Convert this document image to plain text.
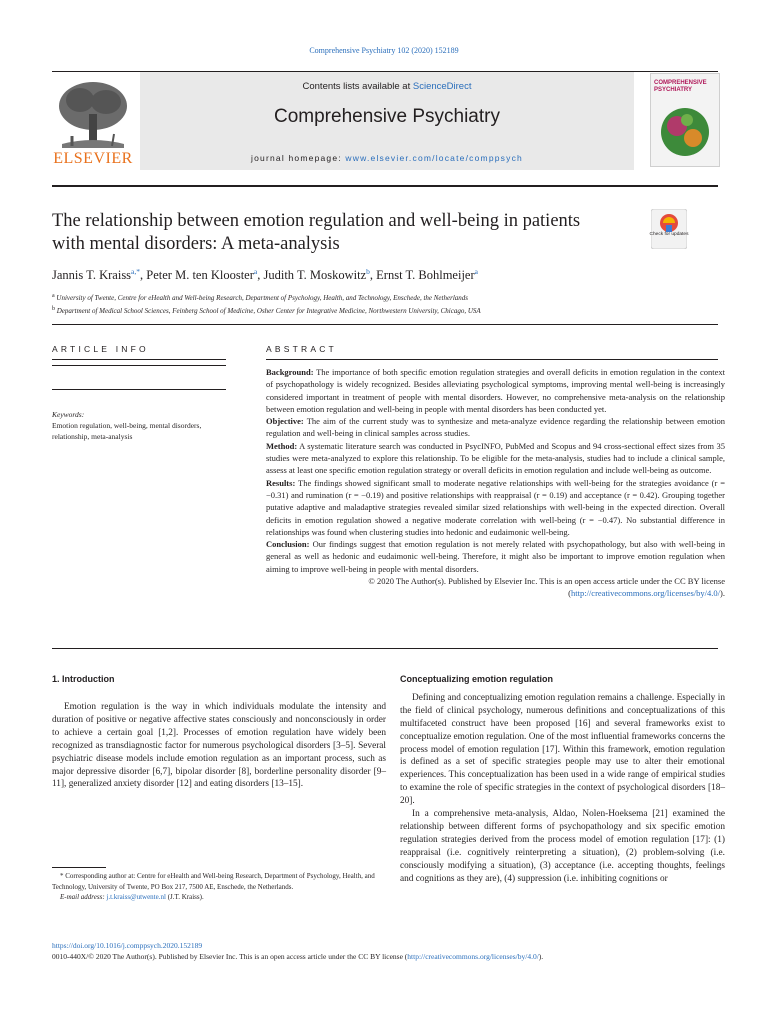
Comprehensive Psychiatry 102 (2020) 152189
ELSEVIER
Contents lists available at ScienceDirect
Comprehensive Psychiatry
journal homepage: www.elsevier.com/locate/comppsych
COMPREHENSIVE PSYCHIATRY
The relationship between emotion regulation and well-being in patients with mental disorders: A meta-analysis	Check for updates
Jannis T. Kraiss$^{a,*}$, Peter M. ten Klooster$^a$, Judith T. Moskowitz$^b$, Ernst T. Bohlmeijer$^a$
$^a$ University of Twente, Centre for eHealth and Well-being Research, Department of Psychology, Health, and Technology, Enschede, the Netherlands
$^b$ Department of Medical School Sciences, Feinberg School of Medicine, Osher Center for Integrative Medicine, Northwestern University, Chicago, USA
ARTICLE INFO
Keywords:
Emotion regulation, well-being, mental disorders, relationship, meta-analysis
ABSTRACT

Background: The importance of both specific emotion regulation strategies and overall deficits in emotion regulation in the context of psychopathology is widely recognized. Besides alleviating psychological symptoms, improving mental well-being is increasingly considered important in treatment of people with mental disorders. However, no comprehensive meta-analysis on the relationship between emotion regulation and well-being in people with mental disorders has been conducted yet.

Objective: The aim of the current study was to synthesize and meta-analyze evidence regarding the relationship between emotion regulation and well-being in clinical samples across studies.

Method: A systematic literature search was conducted in PsycINFO, PubMed and Scopus and 94 cross-sectional effect sizes from 35 studies were meta-analyzed to explore this relationship. To be eligible for the meta-analysis, studies had to include a clinical sample, assess at least one specific emotion regulation strategy or overall deficits in emotion regulation and include well-being as outcome.

Results: The findings showed significant small to moderate negative relationships with well-being for the strategies avoidance (r = −0.31) and rumination (r = −0.19) and positive relationships with reappraisal (r = 0.19) and acceptance (r = 0.42). Grouping together putative adaptive and maladaptive strategies revealed similar sized relationships with well-being in the expected direction. Overall deficits in emotion regulation showed a negative moderate correlation with well-being (r = −0.47). No substantial difference in relationships was found when clustering studies into hedonic and eudaimonic well-being.

Conclusion: Our findings suggest that emotion regulation is not merely related with psychopathology, but also with well-being in general as well as hedonic and eudaimonic well-being. Therefore, it might also be important to improve emotion regulation when aiming to improve well-being in people with mental disorders.

© 2020 The Author(s). Published by Elsevier Inc. This is an open access article under the CC BY license (http://creativecommons.org/licenses/by/4.0/).

1. Introduction
Emotion regulation is the way in which individuals modulate the intensity and duration of positive or negative affective states consciously and nonconsciously in order to achieve a certain goal [1,2]. Processes of emotion regulation have widely been recognized as transdiagnostic factor for numerous psychological disorders [3–5]. Several psychiatric disease models include emotion regulation as an important process, such as major depressive disorder [6,7], bipolar disorder [8], borderline personality disorder [9–11], generalized anxiety disorder [12] and eating disorders [13–15].

* Corresponding author at: Centre for eHealth and Well-being Research, Department of Psychology, Health, and Technology, University of Twente, PO Box 217, 7500 AE, Enschede, the Netherlands.

E-mail address: j.t.kraiss@utwente.nl (J.T. Kraiss).

Conceptualizing emotion regulation

Defining and conceptualizing emotion regulation remains a challenge. Especially in the field of clinical psychology, numerous definitions and conceptualizations of this multifaceted construct have been proposed [16] and several frameworks exist to conceptualize emotion regulation. One of the most influential frameworks concerns the process model of emotion regulation [17]. Within this framework, emotion regulation is defined as a set of specific strategies people may use to alter their emotional experiences. This conceptualization has been used in a wide range of empirical studies to examine the role of specific strategies in the context of psychological disorders [18–20].

In a comprehensive meta-analysis, Aldao, Nolen-Hoeksema [21] examined the relationship between different forms of psychopathology and six specific emotion regulation strategies derived from the process model of emotion regulation [17]: (1) reappraisal (i.e. cognitively reinterpreting a situation), (2) problem-solving (i.e. consciously modifying a situation), (3) acceptance (i.e. accepting thoughts, feelings and cognitions as they are), (4) suppression (i.e. inhibiting cognitions or

https://doi.org/10.1016/j.comppsych.2020.152189
0010-440X/© 2020 The Author(s). Published by Elsevier Inc. This is an open access article under the CC BY license (http://creativecommons.org/licenses/by/4.0/).
